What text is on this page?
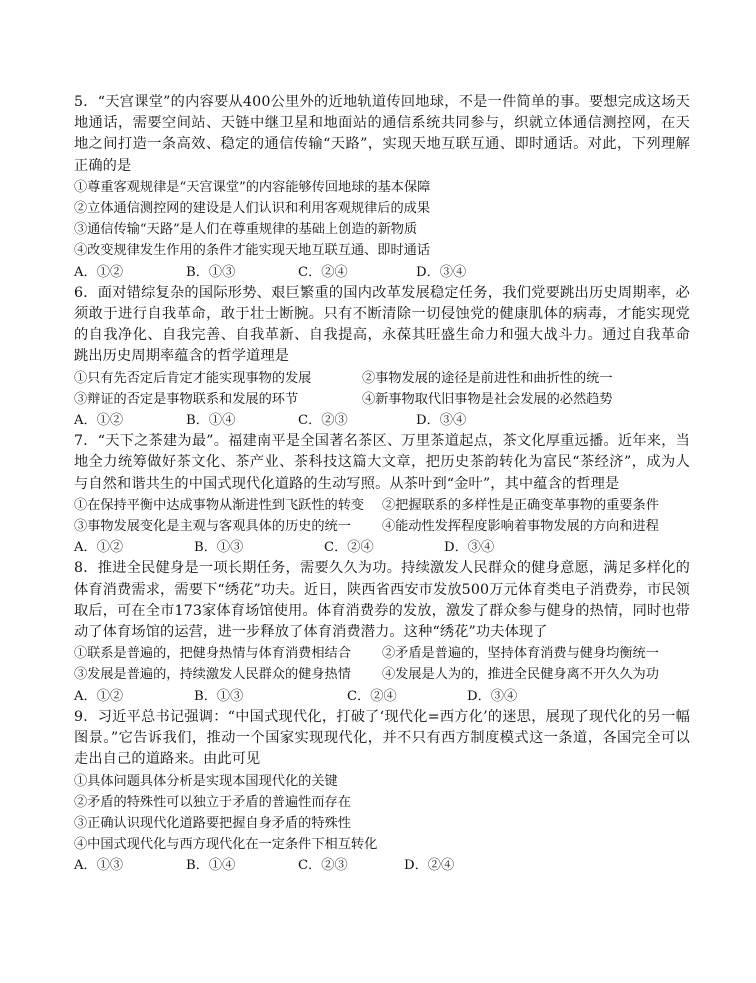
5．“天宫课堂”的内容要从400公里外的近地轨道传回地球，不是一件简单的事。要想完成这场天地通话，需要空间站、天链中继卫星和地面站的通信系统共同参与，织就立体通信测控网，在天地之间打造一条高效、稳定的通信传输“天路”，实现天地互联互通、即时通话。对此，下列理解正确的是

①尊重客观规律是“天宫课堂”的内容能够传回地球的基本保障

②立体通信测控网的建设是人们认识和利用客观规律后的成果

③通信传输“天路”是人们在尊重规律的基础上创造的新物质

④改变规律发生作用的条件才能实现天地互联互通、即时通话

A．①②	B．①③	C．②④	D．③④

6．面对错综复杂的国际形势、艰巨繁重的国内改革发展稳定任务，我们党要跳出历史周期率，必须敢于进行自我革命，敢于壮士断腕。只有不断清除一切侵蚀党的健康肌体的病毒，才能实现党的自我净化、自我完善、自我革新、自我提高，永葆其旺盛生命力和强大战斗力。通过自我革命跳出历史周期率蕴含的哲学道理是

①只有先否定后肯定才能实现事物的发展	②事物发展的途径是前进性和曲折性的统一
③辩证的否定是事物联系和发展的环节	④新事物取代旧事物是社会发展的必然趋势
A．①②	B．①④	C．②③	D．③④

7．“天下之茶建为最”。福建南平是全国著名茶区、万里茶道起点，茶文化厚重远播。近年来，当地全力统筹做好茶文化、茶产业、茶科技这篇大文章，把历史茶韵转化为富民“茶经济”，成为人与自然和谐共生的中国式现代化道路的生动写照。从茶叶到“金叶”，其中蕴含的哲理是

①在保持平衡中达成事物从渐进性到飞跃性的转变	②把握联系的多样性是正确变革事物的重要条件
③事物发展变化是主观与客观具体的历史的统一	④能动性发挥程度影响着事物发展的方向和进程
A．①②	B．①③	C．②④	D．③④

8．推进全民健身是一项长期任务，需要久久为功。持续激发人民群众的健身意愿，满足多样化的体育消费需求，需要下“绣花”功夫。近日，陕西省西安市发放500万元体育类电子消费券，市民领取后，可在全市173家体育场馆使用。体育消费券的发放，激发了群众参与健身的热情，同时也带动了体育场馆的运营，进一步释放了体育消费潜力。这种“绣花”功夫体现了

①联系是普遍的，把健身热情与体育消费相结合	②矛盾是普遍的，坚持体育消费与健身均衡统一
③发展是普遍的，持续激发人民群众的健身热情	④发展是人为的，推进全民健身离不开久久为功
A．①②	B．①③	C．②④	D．③④

9．习近平总书记强调：“中国式现代化，打破了‘现代化=西方化’的迷思，展现了现代化的另一幅图景。”它告诉我们，推动一个国家实现现代化，并不只有西方制度模式这一条道，各国完全可以走出自己的道路来。由此可见

①具体问题具体分析是实现本国现代化的关键

②矛盾的特殊性可以独立于矛盾的普遍性而存在

③正确认识现代化道路要把握自身矛盾的特殊性

④中国式现代化与西方现代化在一定条件下相互转化

A．①③	B．①④	C．②③	D．②④
